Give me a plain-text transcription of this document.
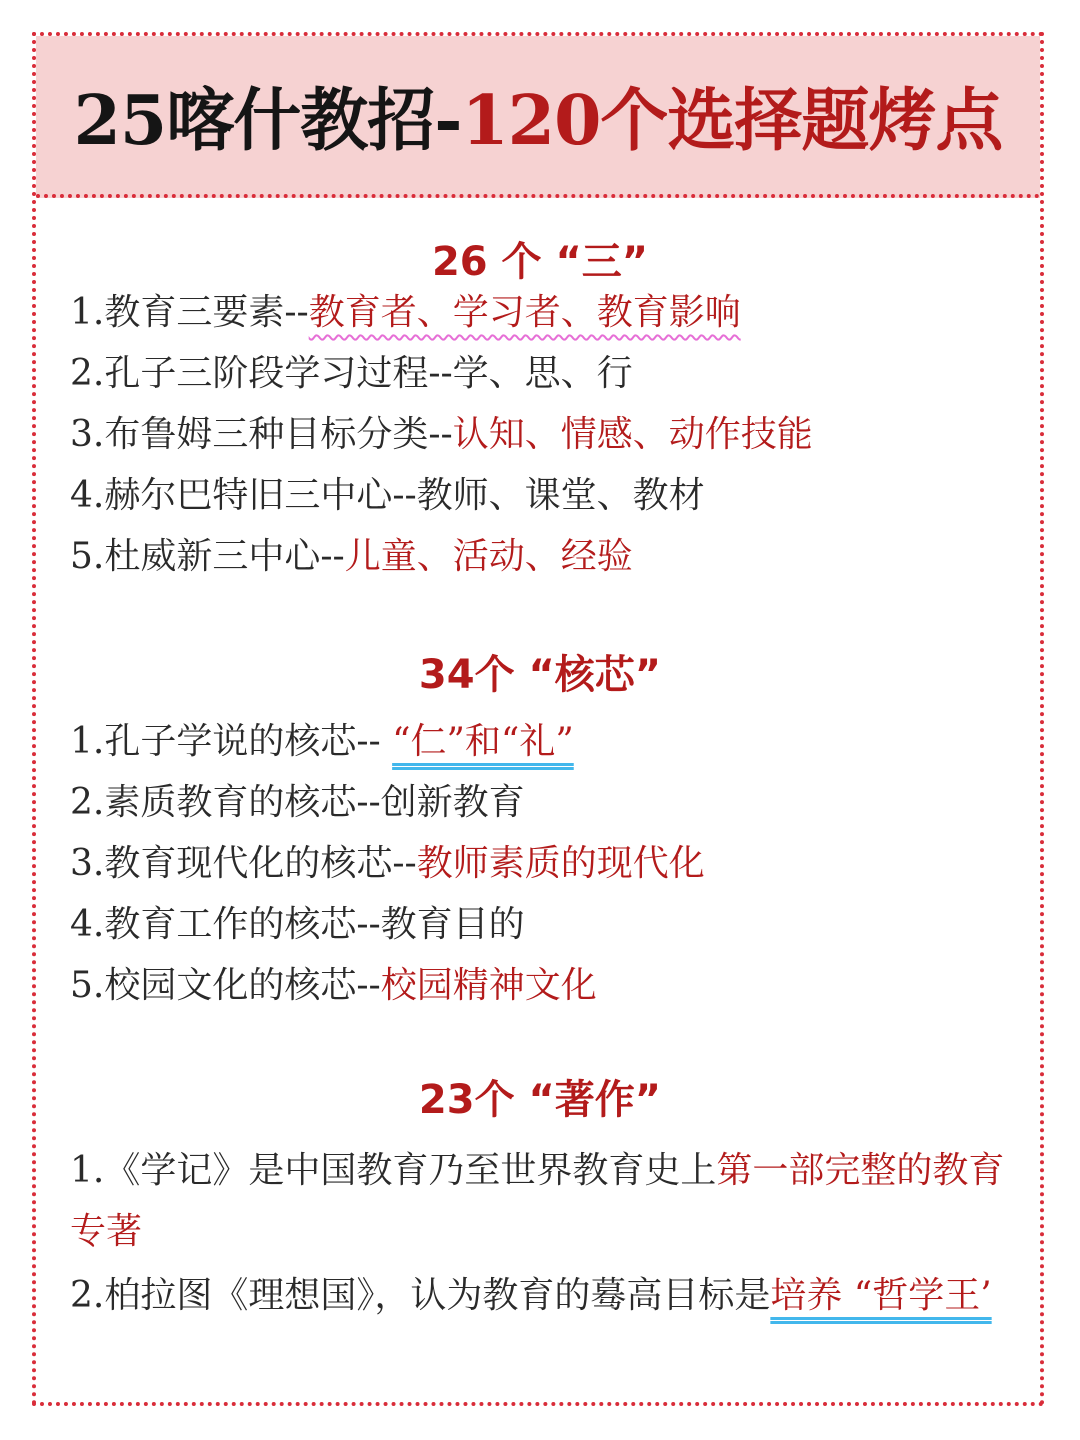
25喀什教招- 120个选择题烤点
26 个 “三”
1.教育三要素--教育者、学习者、教育影响
2.孔子三阶段学习过程--学、思、行
3.布鲁姆三种目标分类--认知、情感、动作技能
4.赫尔巴特旧三中心--教师、课堂、教材
5.杜威新三中心--儿童、活动、经验
34个 “核芯”
1.孔子学说的核芯-- “仁”和“礼”
2.素质教育的核芯--创新教育
3.教育现代化的核芯--教师素质的现代化
4.教育工作的核芯--教育目的
5.校园文化的核芯--校园精神文化
23个 “著作”
1.《学记》是中国教育乃至世界教育史上第一部完整的教育专著
2.柏拉图《理想国》，认为教育的蓦高目标是培养 “哲学王’
